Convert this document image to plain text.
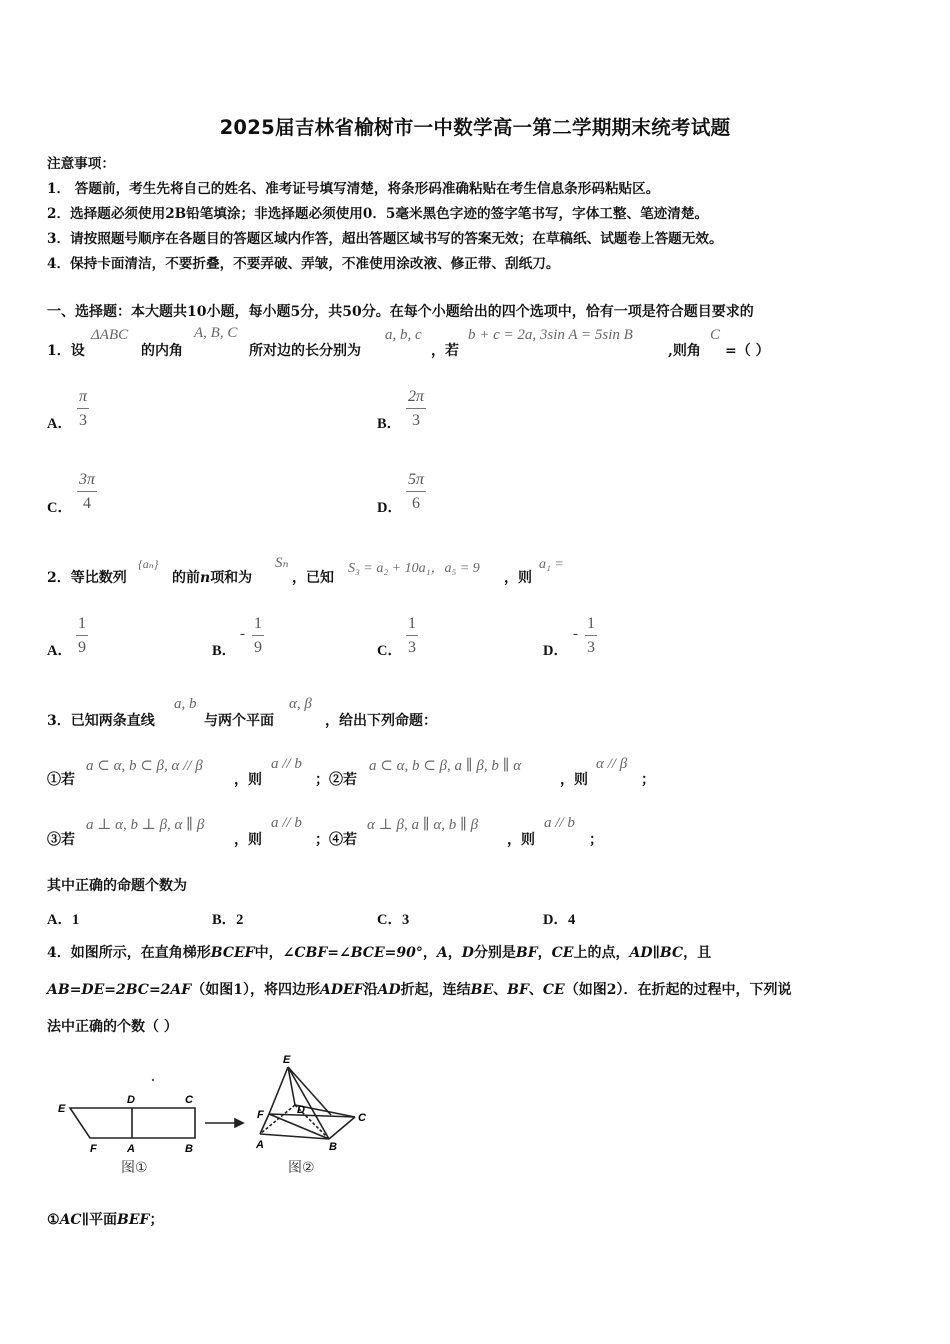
2025届吉林省榆树市一中数学高一第二学期期末统考试题
注意事项：
1． 答题前，考生先将自己的姓名、准考证号填写清楚，将条形码准确粘贴在考生信息条形码粘贴区。
2．选择题必须使用2B铅笔填涂；非选择题必须使用0．5毫米黑色字迹的签字笔书写，字体工整、笔迹清楚。
3．请按照题号顺序在各题目的答题区域内作答，超出答题区域书写的答案无效；在草稿纸、试题卷上答题无效。
4．保持卡面清洁，不要折叠，不要弄破、弄皱，不准使用涂改液、修正带、刮纸刀。
一、选择题：本大题共10小题，每小题5分，共50分。在每个小题给出的四个选项中，恰有一项是符合题目要求的
1．设
ΔABC
的内角
A, B, C
所对边的长分别为
a, b, c
，若
b + c = 2a, 3sin A = 5sin B
,则角
C
=（ ）
A．
π
3	B．
2π
3
C．
3π
4	D．
5π
6
2．等比数列
{aₙ}
的前n项和为
Sₙ
，已知
S₃ = a₂ + 10a₁，a₅ = 9
，则
a₁ =
A．
1
9	B．
-
1
9	C．
1
3	D．
-
1
3
3．已知两条直线
a, b
与两个平面
α, β
，给出下列命题：
①若
a ⊂ α, b ⊂ β, α // β
，则
a // b
；②若
a ⊂ α, b ⊂ β, a ∥ β, b ∥ α
，则
α // β
；
③若
a ⊥ α, b ⊥ β, α ∥ β
，则
a // b
；④若
α ⊥ β, a ∥ α, b ∥ β
，则
a // b
；
其中正确的命题个数为
A．1	B．2	C．3	D．4
4．如图所示，在直角梯形BCEF中，∠CBF=∠BCE=90°，A，D分别是BF，CE上的点，AD∥BC，且
AB=DE=2BC=2AF（如图1），将四边形ADEF沿AD折起，连结BE、BF、CE（如图2）．在折起的过程中，下列说
法中正确的个数（ ）
E
D	C
F	A	B
图①
E
F	D
C
A	B
图②
①AC∥平面BEF；
